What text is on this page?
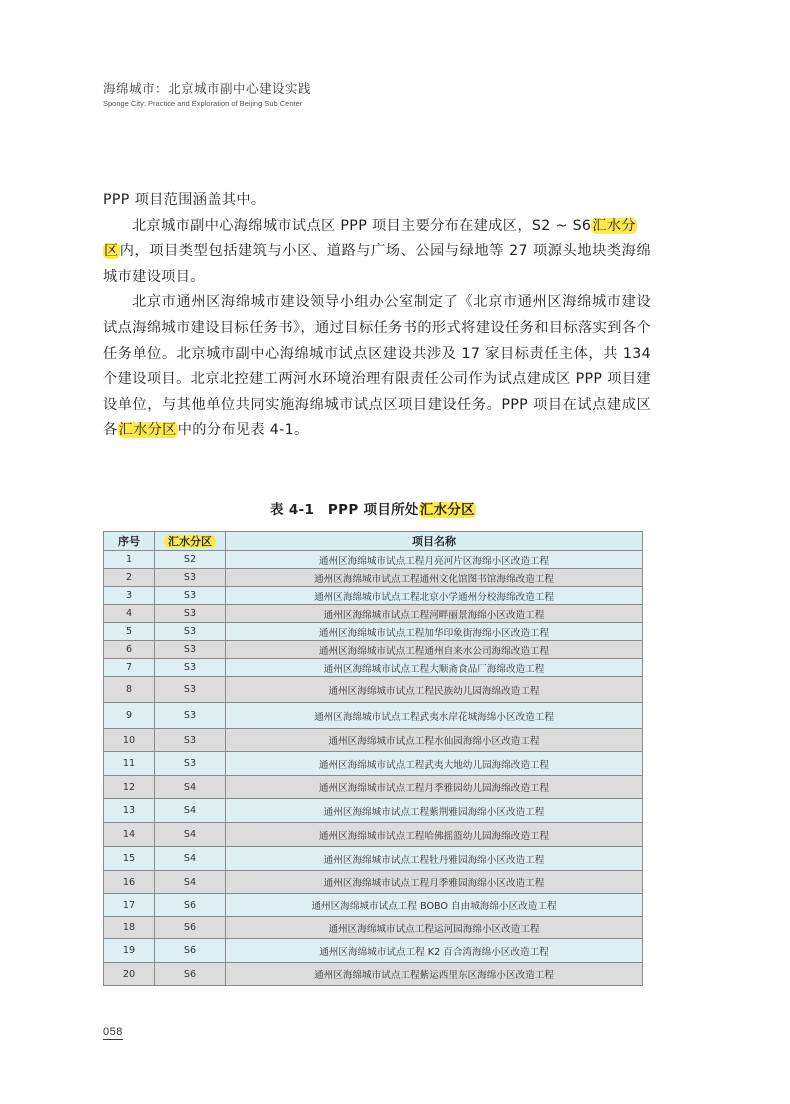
海绵城市：北京城市副中心建设实践
Sponge City: Practice and Exploration of Beijing Sub Center

PPP 项目范围涵盖其中。

北京城市副中心海绵城市试点区 PPP 项目主要分布在建成区，S2 ~ S6汇水分
区内，项目类型包括建筑与小区、道路与广场、公园与绿地等 27 项源头地块类海绵城市建设项目。

北京市通州区海绵城市建设领导小组办公室制定了《北京市通州区海绵城市建设试点海绵城市建设目标任务书》，通过目标任务书的形式将建设任务和目标落实到各个任务单位。北京城市副中心海绵城市试点区建设共涉及 17 家目标责任主体，共 134 个建设项目。北京北控建工两河水环境治理有限责任公司作为试点建成区 PPP 项目建设单位，与其他单位共同实施海绵城市试点区项目建设任务。PPP 项目在试点建成区各汇水分区中的分布见表 4-1。

表 4-1　PPP 项目所处汇水分区
序号	汇水分区	项目名称
1	S2	通州区海绵城市试点工程月亮河片区海绵小区改造工程
2	S3	通州区海绵城市试点工程通州文化馆图书馆海绵改造工程
3	S3	通州区海绵城市试点工程北京小学通州分校海绵改造工程
4	S3	通州区海绵城市试点工程河畔丽景海绵小区改造工程
5	S3	通州区海绵城市试点工程加华印象街海绵小区改造工程
6	S3	通州区海绵城市试点工程通州自来水公司海绵改造工程
7	S3	通州区海绵城市试点工程大顺斋食品厂海绵改造工程
8	S3	通州区海绵城市试点工程民族幼儿园海绵改造工程
9	S3	通州区海绵城市试点工程武夷水岸花城海绵小区改造工程
10	S3	通州区海绵城市试点工程水仙园海绵小区改造工程
11	S3	通州区海绵城市试点工程武夷大地幼儿园海绵改造工程
12	S4	通州区海绵城市试点工程月季雅园幼儿园海绵改造工程
13	S4	通州区海绵城市试点工程紫荆雅园海绵小区改造工程
14	S4	通州区海绵城市试点工程哈佛摇篮幼儿园海绵改造工程
15	S4	通州区海绵城市试点工程牡丹雅园海绵小区改造工程
16	S4	通州区海绵城市试点工程月季雅园海绵小区改造工程
17	S6	通州区海绵城市试点工程 BOBO 自由城海绵小区改造工程
18	S6	通州区海绵城市试点工程运河园海绵小区改造工程
19	S6	通州区海绵城市试点工程 K2 百合湾海绵小区改造工程
20	S6	通州区海绵城市试点工程紫运西里东区海绵小区改造工程
058
